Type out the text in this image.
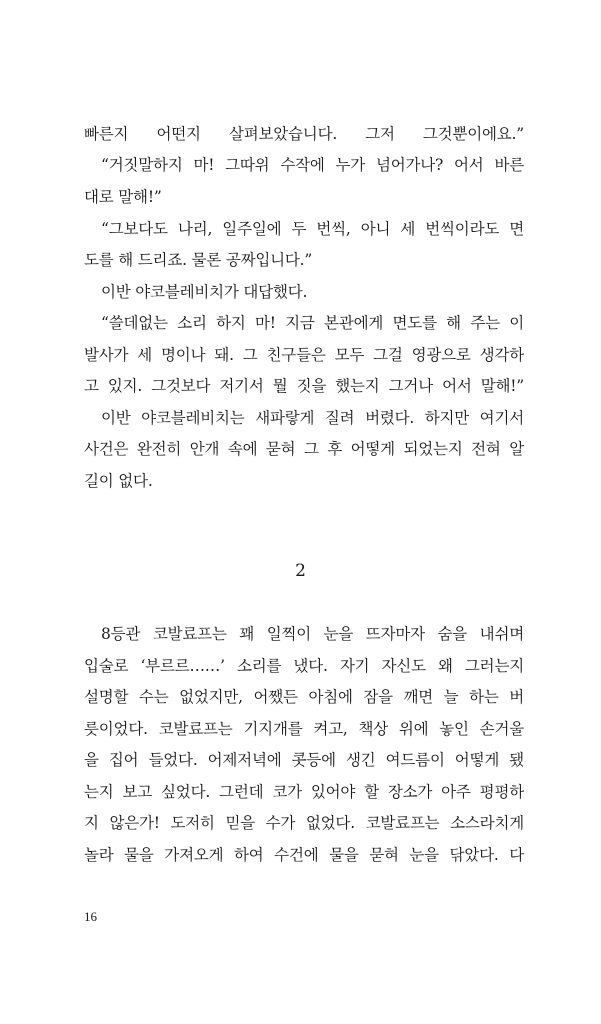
빠른지 어떤지 살펴보았습니다. 그저 그것뿐이에요.”
“거짓말하지 마! 그따위 수작에 누가 넘어가나? 어서 바른
대로 말해!”
“그보다도 나리, 일주일에 두 번씩, 아니 세 번씩이라도 면
도를 해 드리죠. 물론 공짜입니다.”
이반 야코블레비치가 대답했다.
“쓸데없는 소리 하지 마! 지금 본관에게 면도를 해 주는 이
발사가 세 명이나 돼. 그 친구들은 모두 그걸 영광으로 생각하
고 있지. 그것보다 저기서 뭘 짓을 했는지 그거나 어서 말해!”
이반 야코블레비치는 새파랗게 질려 버렸다. 하지만 여기서
사건은 완전히 안개 속에 묻혀 그 후 어떻게 되었는지 전혀 알
길이 없다.
2
8등관 코발료프는 꽤 일찍이 눈을 뜨자마자 숨을 내쉬며
입술로 ‘부르르……’ 소리를 냈다. 자기 자신도 왜 그러는지
설명할 수는 없었지만, 어쨌든 아침에 잠을 깨면 늘 하는 버
릇이었다. 코발료프는 기지개를 켜고, 책상 위에 놓인 손거울
을 집어 들었다. 어제저녁에 콧등에 생긴 여드름이 어떻게 됐
는지 보고 싶었다. 그런데 코가 있어야 할 장소가 아주 평평하
지 않은가! 도저히 믿을 수가 없었다. 코발료프는 소스라치게
놀라 물을 가져오게 하여 수건에 물을 묻혀 눈을 닦았다. 다
16
